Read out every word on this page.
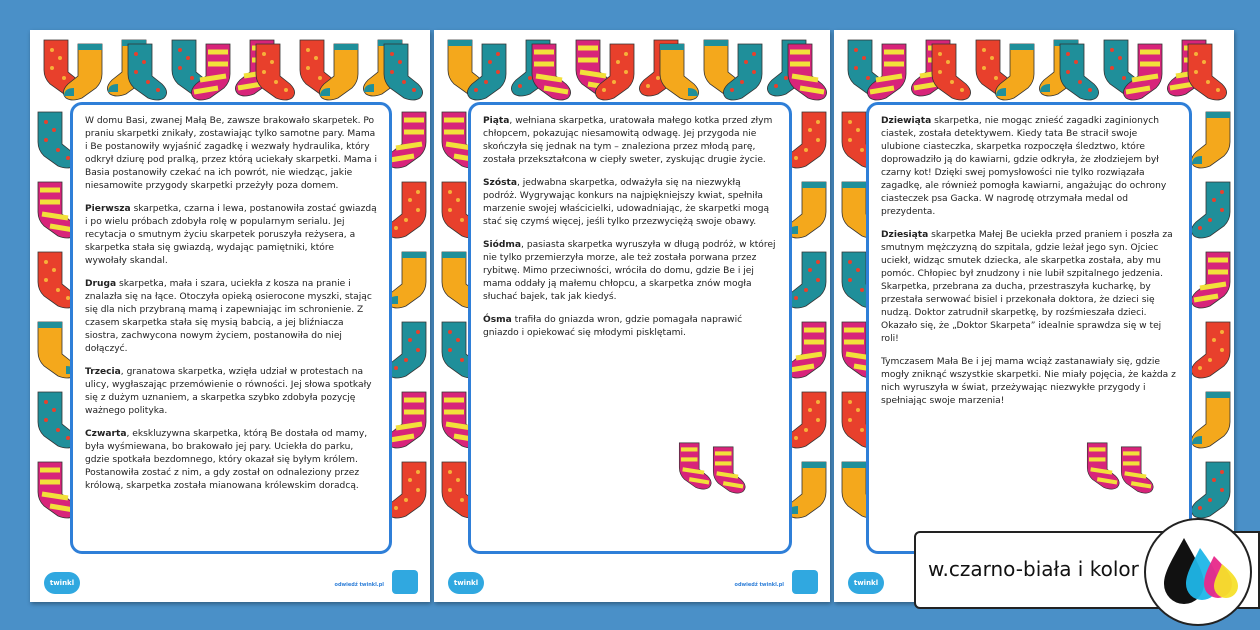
W domu Basi, zwanej Małą Be, zawsze brakowało skarpetek. Po praniu skarpetki znikały, zostawiając tylko samotne pary. Mama i Be postanowiły wyjaśnić zagadkę i wezwały hydraulika, który odkrył dziurę pod pralką, przez którą uciekały skarpetki. Mama i Basia postanowiły czekać na ich powrót, nie wiedząc, jakie niesamowite przygody skarpetki przeżyły poza domem.

Pierwsza skarpetka, czarna i lewa, postanowiła zostać gwiazdą i po wielu próbach zdobyła rolę w popularnym serialu. Jej recytacja o smutnym życiu skarpetek poruszyła reżysera, a skarpetka stała się gwiazdą, wydając pamiętniki, które wywołały skandal.

Druga skarpetka, mała i szara, uciekła z kosza na pranie i znalazła się na łące. Otoczyła opieką osierocone myszki, stając się dla nich przybraną mamą i zapewniając im schronienie. Z czasem skarpetka stała się mysią babcią, a jej bliźniacza siostra, zachwycona nowym życiem, postanowiła do niej dołączyć.

Trzecia, granatowa skarpetka, wzięła udział w protestach na ulicy, wygłaszając przemówienie o równości. Jej słowa spotkały się z dużym uznaniem, a skarpetka szybko zdobyła pozycję ważnego polityka.

Czwarta, ekskluzywna skarpetka, którą Be dostała od mamy, była wyśmiewana, bo brakowało jej pary. Uciekła do parku, gdzie spotkała bezdomnego, który okazał się byłym królem. Postanowiła zostać z nim, a gdy został on odnaleziony przez królową, skarpetka została mianowana królewskim doradcą.

twinkl	odwiedź twinkl.pl

Piąta, wełniana skarpetka, uratowała małego kotka przed złym chłopcem, pokazując niesamowitą odwagę. Jej przygoda nie skończyła się jednak na tym – znaleziona przez młodą parę, została przekształcona w ciepły sweter, zyskując drugie życie.

Szósta, jedwabna skarpetka, odważyła się na niezwykłą podróż. Wygrywając konkurs na najpiękniejszy kwiat, spełniła marzenie swojej właścicielki, udowadniając, że skarpetki mogą stać się czymś więcej, jeśli tylko przezwyciężą swoje obawy.

Siódma, pasiasta skarpetka wyruszyła w długą podróż, w której nie tylko przemierzyła morze, ale też została porwana przez rybitwę. Mimo przeciwności, wróciła do domu, gdzie Be i jej mama oddały ją małemu chłopcu, a skarpetka znów mogła słuchać bajek, tak jak kiedyś.

Ósma trafiła do gniazda wron, gdzie pomagała naprawić gniazdo i opiekować się młodymi pisklętami.

twinkl	odwiedź twinkl.pl

Dziewiąta skarpetka, nie mogąc znieść zagadki zaginionych ciastek, została detektywem. Kiedy tata Be stracił swoje ulubione ciasteczka, skarpetka rozpoczęła śledztwo, które doprowadziło ją do kawiarni, gdzie odkryła, że złodziejem był czarny kot! Dzięki swej pomysłowości nie tylko rozwiązała zagadkę, ale również pomogła kawiarni, angażując do ochrony ciasteczek psa Gacka. W nagrodę otrzymała medal od prezydenta.

Dziesiąta skarpetka Małej Be uciekła przed praniem i poszła za smutnym mężczyzną do szpitala, gdzie leżał jego syn. Ojciec uciekł, widząc smutek dziecka, ale skarpetka została, aby mu pomóc. Chłopiec był znudzony i nie lubił szpitalnego jedzenia. Skarpetka, przebrana za ducha, przestraszyła kucharkę, by przestała serwować bisiel i przekonała doktora, że dzieci się nudzą. Doktor zatrudnił skarpetkę, by rozśmieszała dzieci. Okazało się, że „Doktor Skarpeta” idealnie sprawdza się w tej roli!

Tymczasem Mała Be i jej mama wciąż zastanawiały się, gdzie mogły zniknąć wszystkie skarpetki. Nie miały pojęcia, że każda z nich wyruszyła w świat, przeżywając niezwykłe przygody i spełniając swoje marzenia!

twinkl
w.czarno-biała i kolor
